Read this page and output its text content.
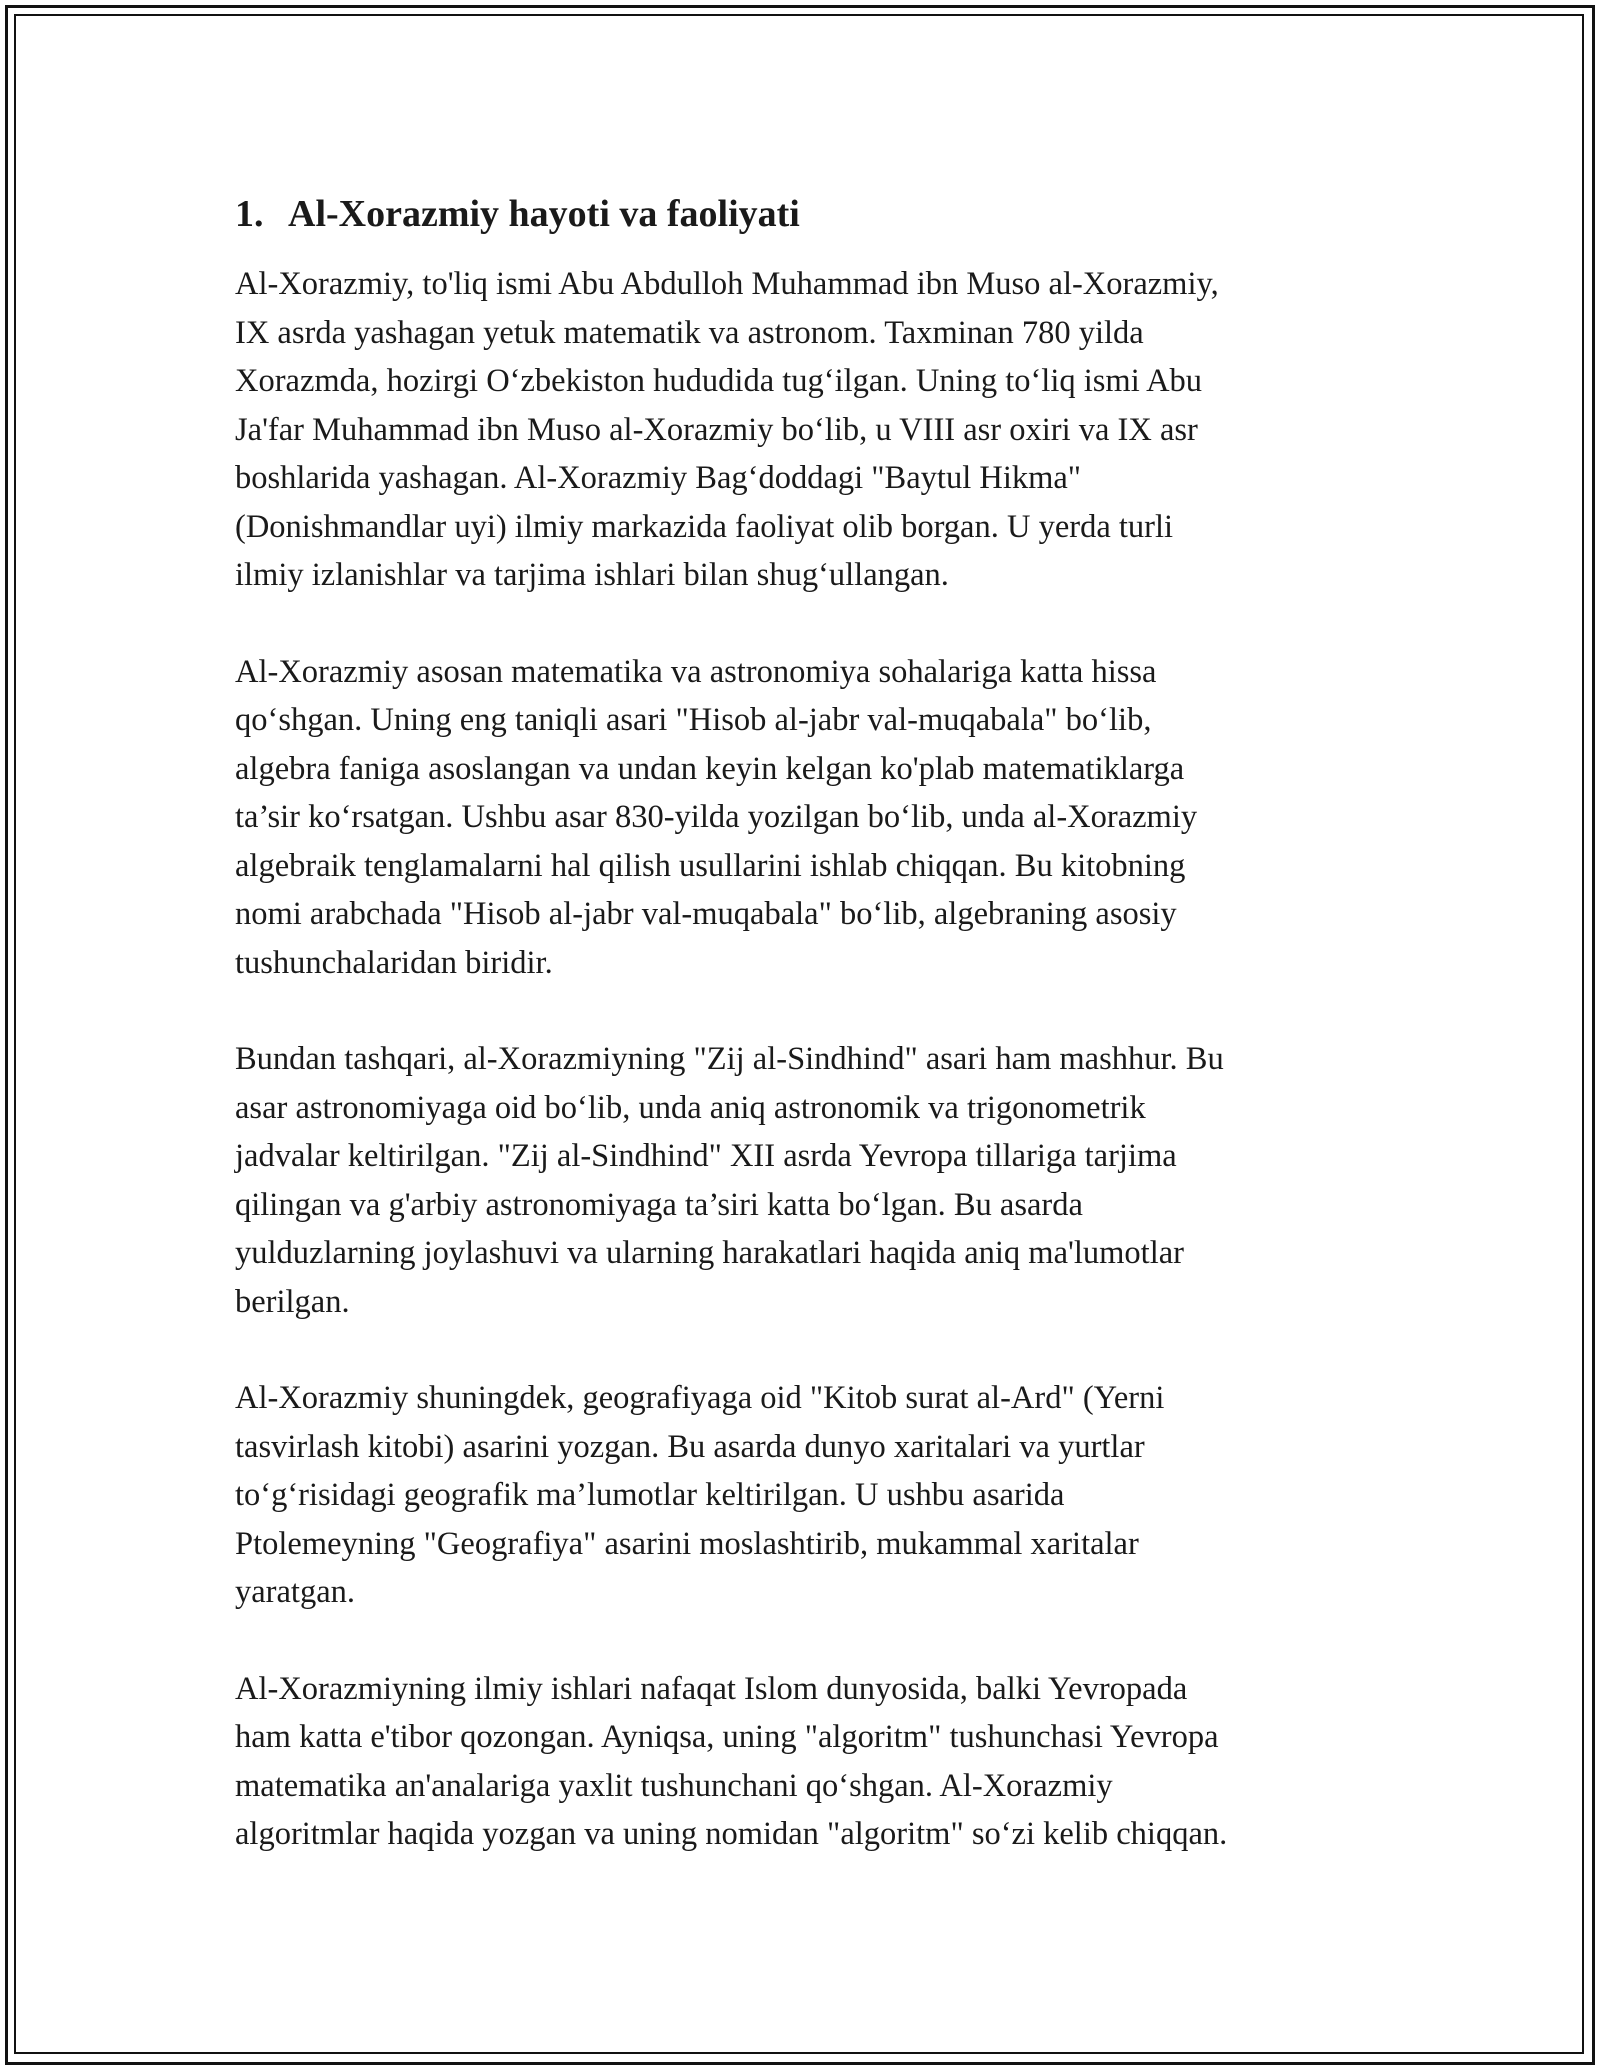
1. Al-Xorazmiy hayoti va faoliyati

Al-Xorazmiy, to'liq ismi Abu Abdulloh Muhammad ibn Muso al-Xorazmiy,
IX asrda yashagan yetuk matematik va astronom. Taxminan 780 yilda
Xorazmda, hozirgi O‘zbekiston hududida tug‘ilgan. Uning to‘liq ismi Abu
Ja'far Muhammad ibn Muso al-Xorazmiy bo‘lib, u VIII asr oxiri va IX asr
boshlarida yashagan. Al-Xorazmiy Bag‘doddagi "Baytul Hikma"
(Donishmandlar uyi) ilmiy markazida faoliyat olib borgan. U yerda turli
ilmiy izlanishlar va tarjima ishlari bilan shug‘ullangan.

Al-Xorazmiy asosan matematika va astronomiya sohalariga katta hissa
qo‘shgan. Uning eng taniqli asari "Hisob al-jabr val-muqabala" bo‘lib,
algebra faniga asoslangan va undan keyin kelgan ko'plab matematiklarga
ta’sir ko‘rsatgan. Ushbu asar 830-yilda yozilgan bo‘lib, unda al-Xorazmiy
algebraik tenglamalarni hal qilish usullarini ishlab chiqqan. Bu kitobning
nomi arabchada "Hisob al-jabr val-muqabala" bo‘lib, algebraning asosiy
tushunchalaridan biridir.

Bundan tashqari, al-Xorazmiyning "Zij al-Sindhind" asari ham mashhur. Bu
asar astronomiyaga oid bo‘lib, unda aniq astronomik va trigonometrik
jadvalar keltirilgan. "Zij al-Sindhind" XII asrda Yevropa tillariga tarjima
qilingan va g'arbiy astronomiyaga ta’siri katta bo‘lgan. Bu asarda
yulduzlarning joylashuvi va ularning harakatlari haqida aniq ma'lumotlar
berilgan.

Al-Xorazmiy shuningdek, geografiyaga oid "Kitob surat al-Ard" (Yerni
tasvirlash kitobi) asarini yozgan. Bu asarda dunyo xaritalari va yurtlar
to‘g‘risidagi geografik ma’lumotlar keltirilgan. U ushbu asarida
Ptolemeyning "Geografiya" asarini moslashtirib, mukammal xaritalar
yaratgan.

Al-Xorazmiyning ilmiy ishlari nafaqat Islom dunyosida, balki Yevropada
ham katta e'tibor qozongan. Ayniqsa, uning "algoritm" tushunchasi Yevropa
matematika an'analariga yaxlit tushunchani qo‘shgan. Al-Xorazmiy
algoritmlar haqida yozgan va uning nomidan "algoritm" so‘zi kelib chiqqan.
